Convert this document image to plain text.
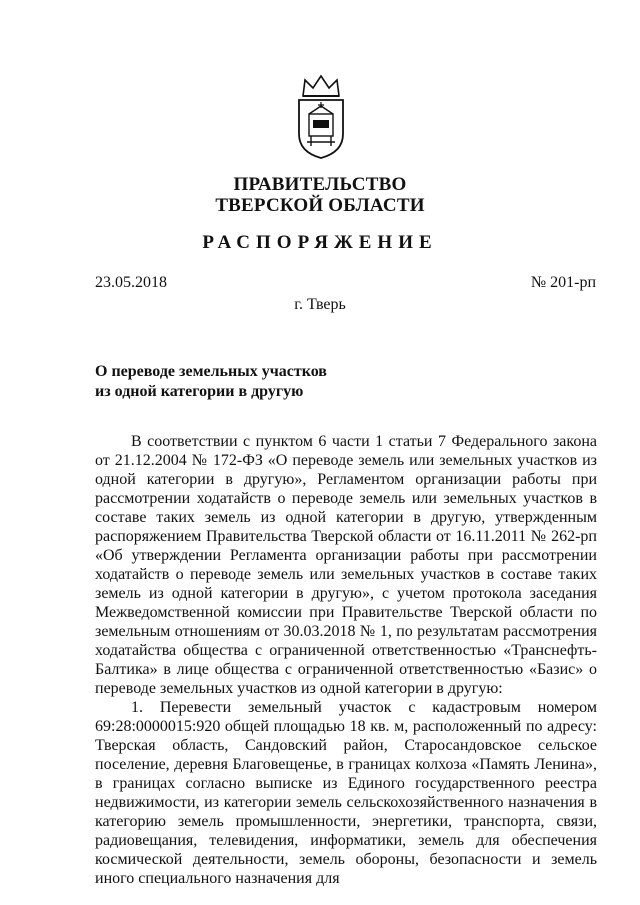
ПРАВИТЕЛЬСТВО
ТВЕРСКОЙ ОБЛАСТИ
РАСПОРЯЖЕНИЕ
23.05.2018	№ 201-рп
г. Тверь
О переводе земельных участков
из одной категории в другую

В соответствии с пунктом 6 части 1 статьи 7 Федерального закона от 21.12.2004 № 172-ФЗ «О переводе земель или земельных участков из одной категории в другую», Регламентом организации работы при рассмотрении ходатайств о переводе земель или земельных участков в составе таких земель из одной категории в другую, утвержденным распоряжением Правительства Тверской области от 16.11.2011 № 262-рп «Об утверждении Регламента организации работы при рассмотрении ходатайств о переводе земель или земельных участков в составе таких земель из одной категории в другую», с учетом протокола заседания Межведомственной комиссии при Правительстве Тверской области по земельным отношениям от 30.03.2018 № 1, по результатам рассмотрения ходатайства общества с ограниченной ответственностью «Транснефть-Балтика» в лице общества с ограниченной ответственностью «Базис» о переводе земельных участков из одной категории в другую:

1. Перевести земельный участок с кадастровым номером 69:28:0000015:920 общей площадью 18 кв. м, расположенный по адресу: Тверская область, Сандовский район, Старосандовское сельское поселение, деревня Благовещенье, в границах колхоза «Память Ленина», в границах согласно выписке из Единого государственного реестра недвижимости, из категории земель сельскохозяйственного назначения в категорию земель промышленности, энергетики, транспорта, связи, радиовещания, телевидения, информатики, земель для обеспечения космической деятельности, земель обороны, безопасности и земель иного специального назначения для
